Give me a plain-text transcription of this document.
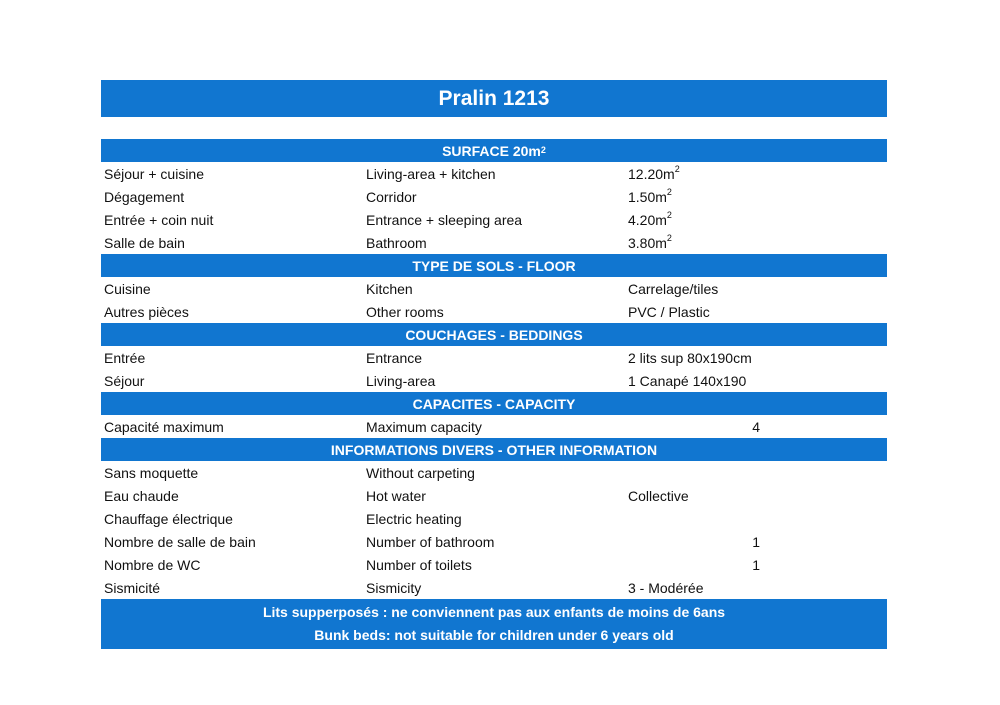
Pralin 1213
SURFACE $20m^2$
Séjour + cuisine	Living-area + kitchen	$12.20m^2$
Dégagement	Corridor	$1.50m^2$
Entrée + coin nuit	Entrance + sleeping area	$4.20m^2$
Salle de bain	Bathroom	$3.80m^2$
TYPE DE SOLS - FLOOR
Cuisine	Kitchen	Carrelage/tiles
Autres pièces	Other rooms	PVC / Plastic
COUCHAGES - BEDDINGS
Entrée	Entrance	2 lits sup 80x190cm
Séjour	Living-area	1 Canapé 140x190
CAPACITES - CAPACITY
Capacité maximum	Maximum capacity	4
INFORMATIONS DIVERS - OTHER INFORMATION
Sans moquette	Without carpeting
Eau chaude	Hot water	Collective
Chauffage électrique	Electric heating
Nombre de salle de bain	Number of bathroom	1
Nombre de WC	Number of toilets	1
Sismicité	Sismicity	3 - Modérée
Lits supperposés : ne conviennent pas aux enfants de moins de 6ans
Bunk beds: not suitable for children under 6 years old
